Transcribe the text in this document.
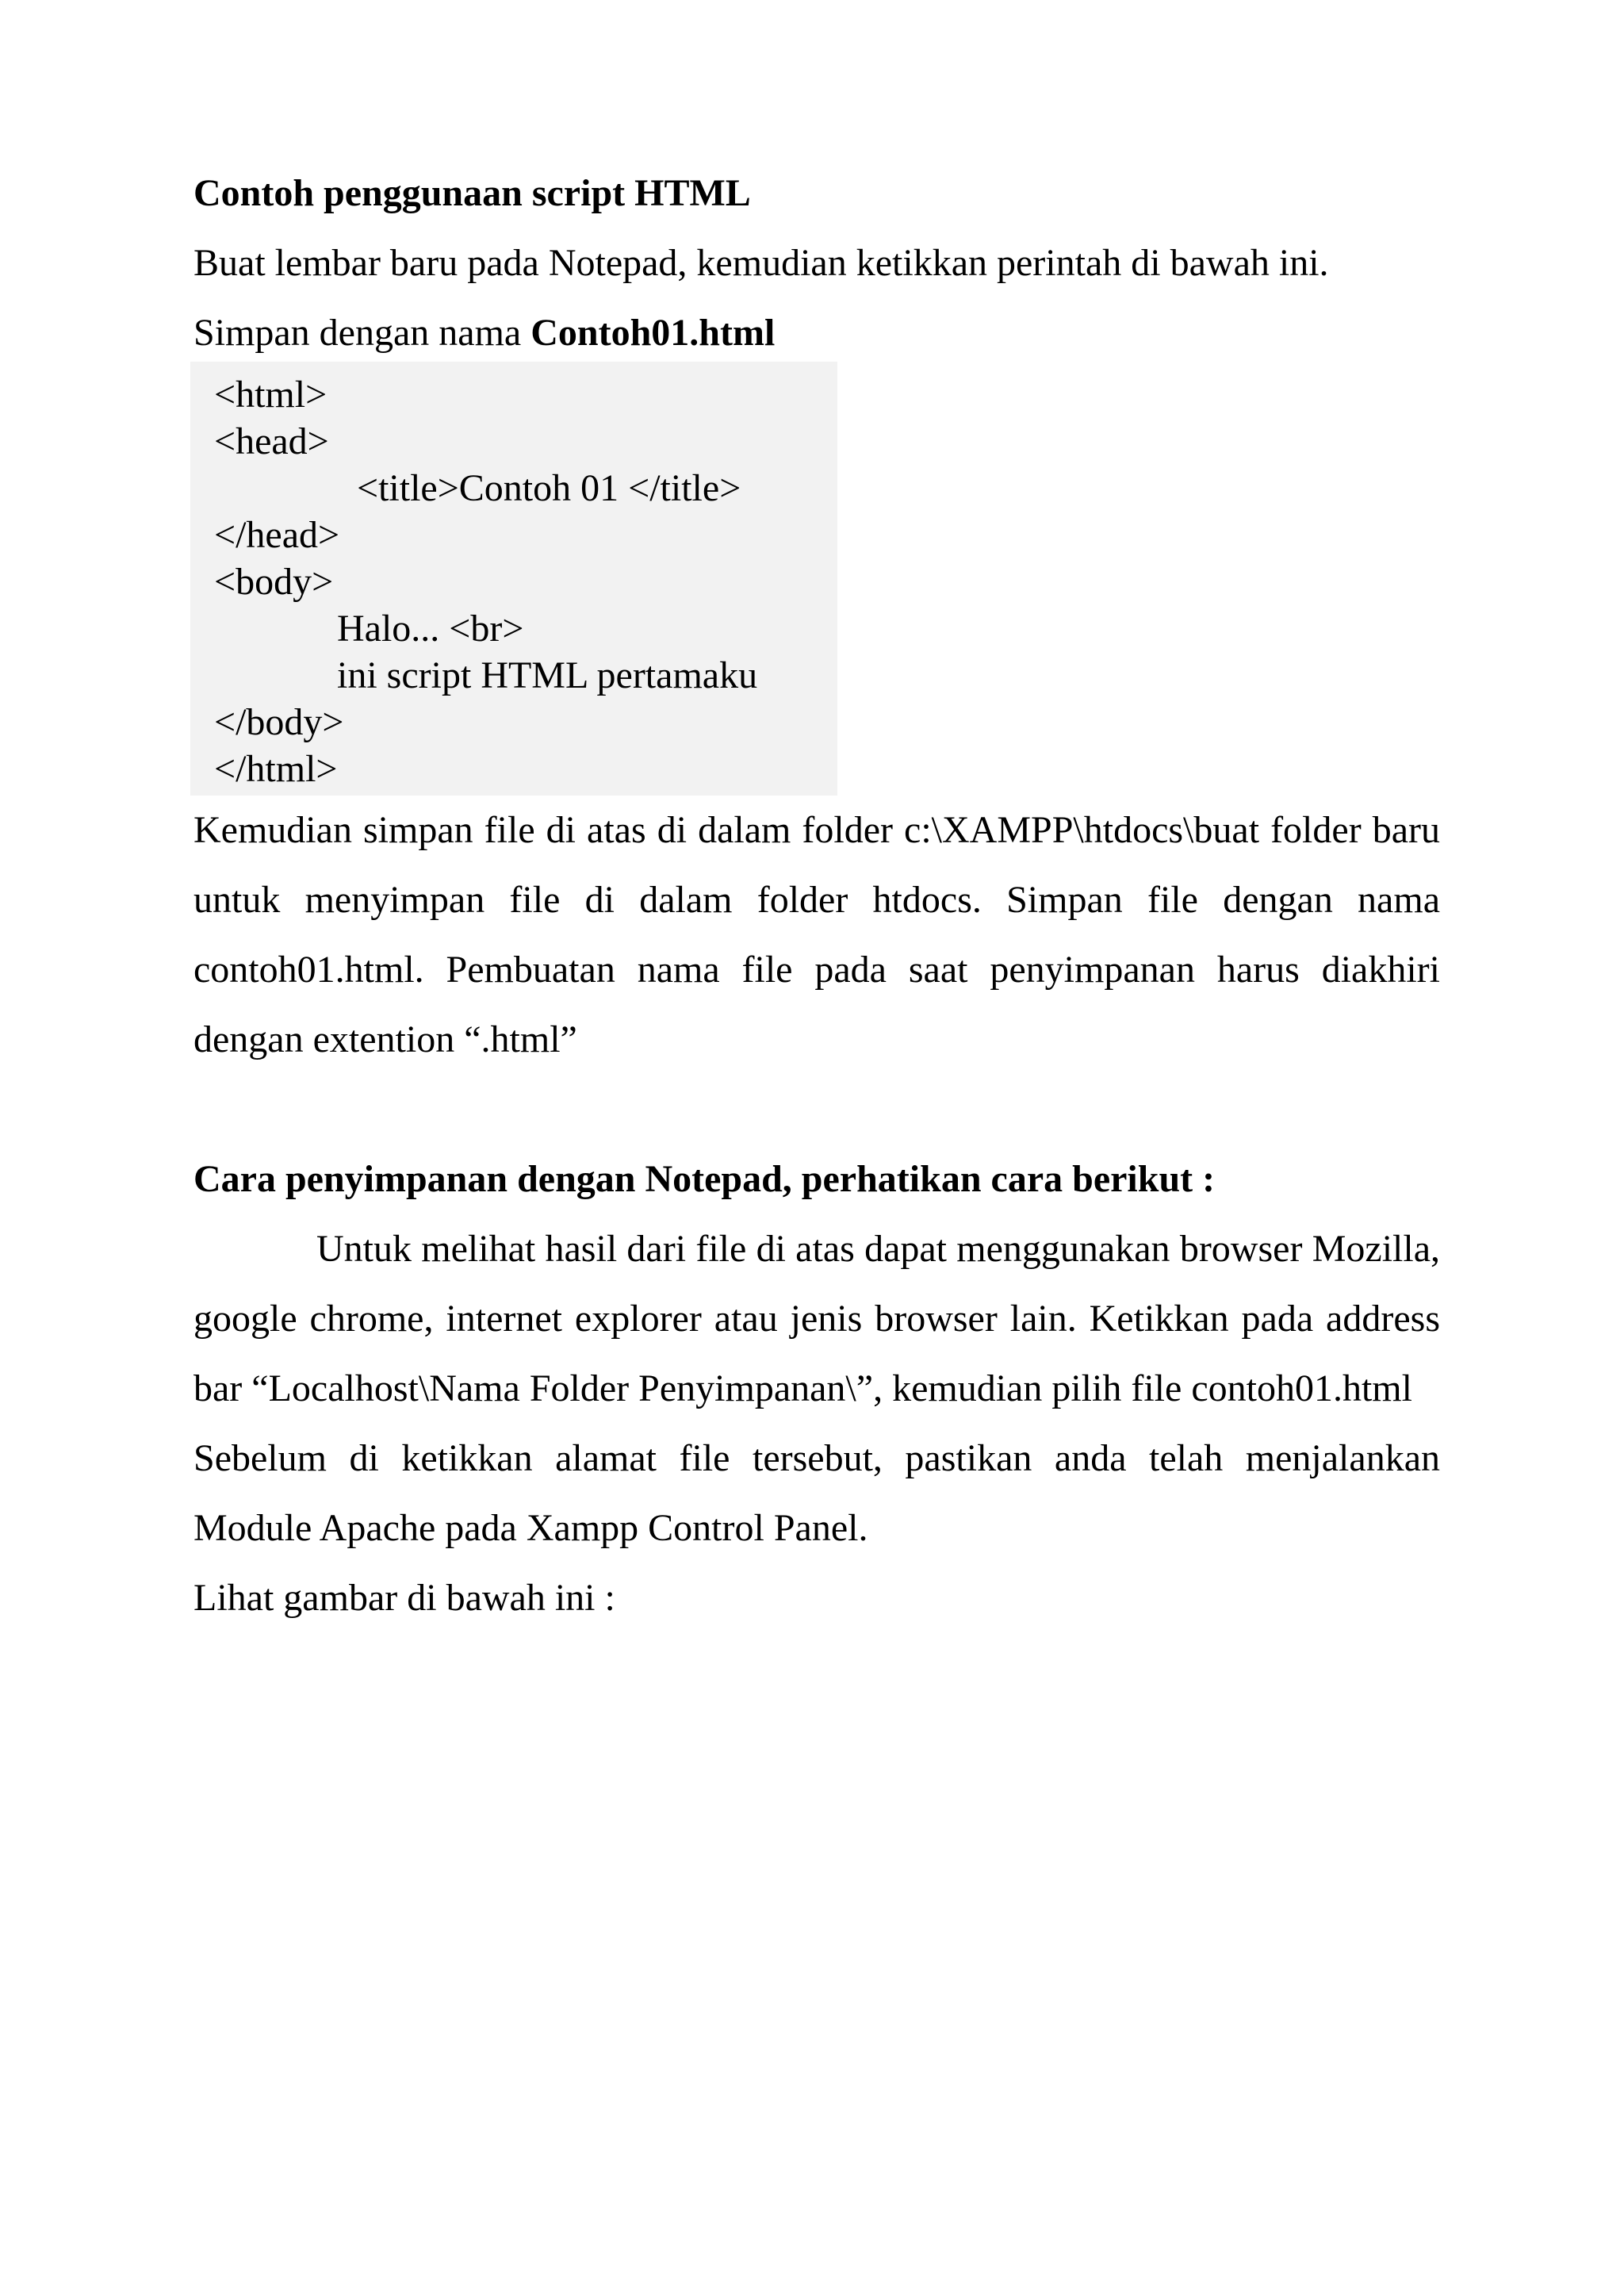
Contoh penggunaan script HTML

Buat lembar baru pada Notepad, kemudian ketikkan perintah di bawah ini.

Simpan dengan nama Contoh01.html

<html>
<head>
<title>Contoh 01 </title>
</head>
<body>
Halo... <br>
ini script HTML pertamaku
</body>
</html>

Kemudian simpan file di atas di dalam folder c:\XAMPP\htdocs\buat folder baru untuk menyimpan file di dalam folder htdocs. Simpan file dengan nama contoh01.html. Pembuatan nama file pada saat penyimpanan harus diakhiri dengan extention “.html”

Cara penyimpanan dengan Notepad, perhatikan cara berikut :

Untuk melihat hasil dari file di atas dapat menggunakan browser Mozilla, google chrome, internet explorer atau jenis browser lain. Ketikkan pada address bar “Localhost\Nama Folder Penyimpanan\”, kemudian pilih file contoh01.html

Sebelum di ketikkan alamat file tersebut, pastikan anda telah menjalankan Module Apache pada Xampp Control Panel.

Lihat gambar di bawah ini :
